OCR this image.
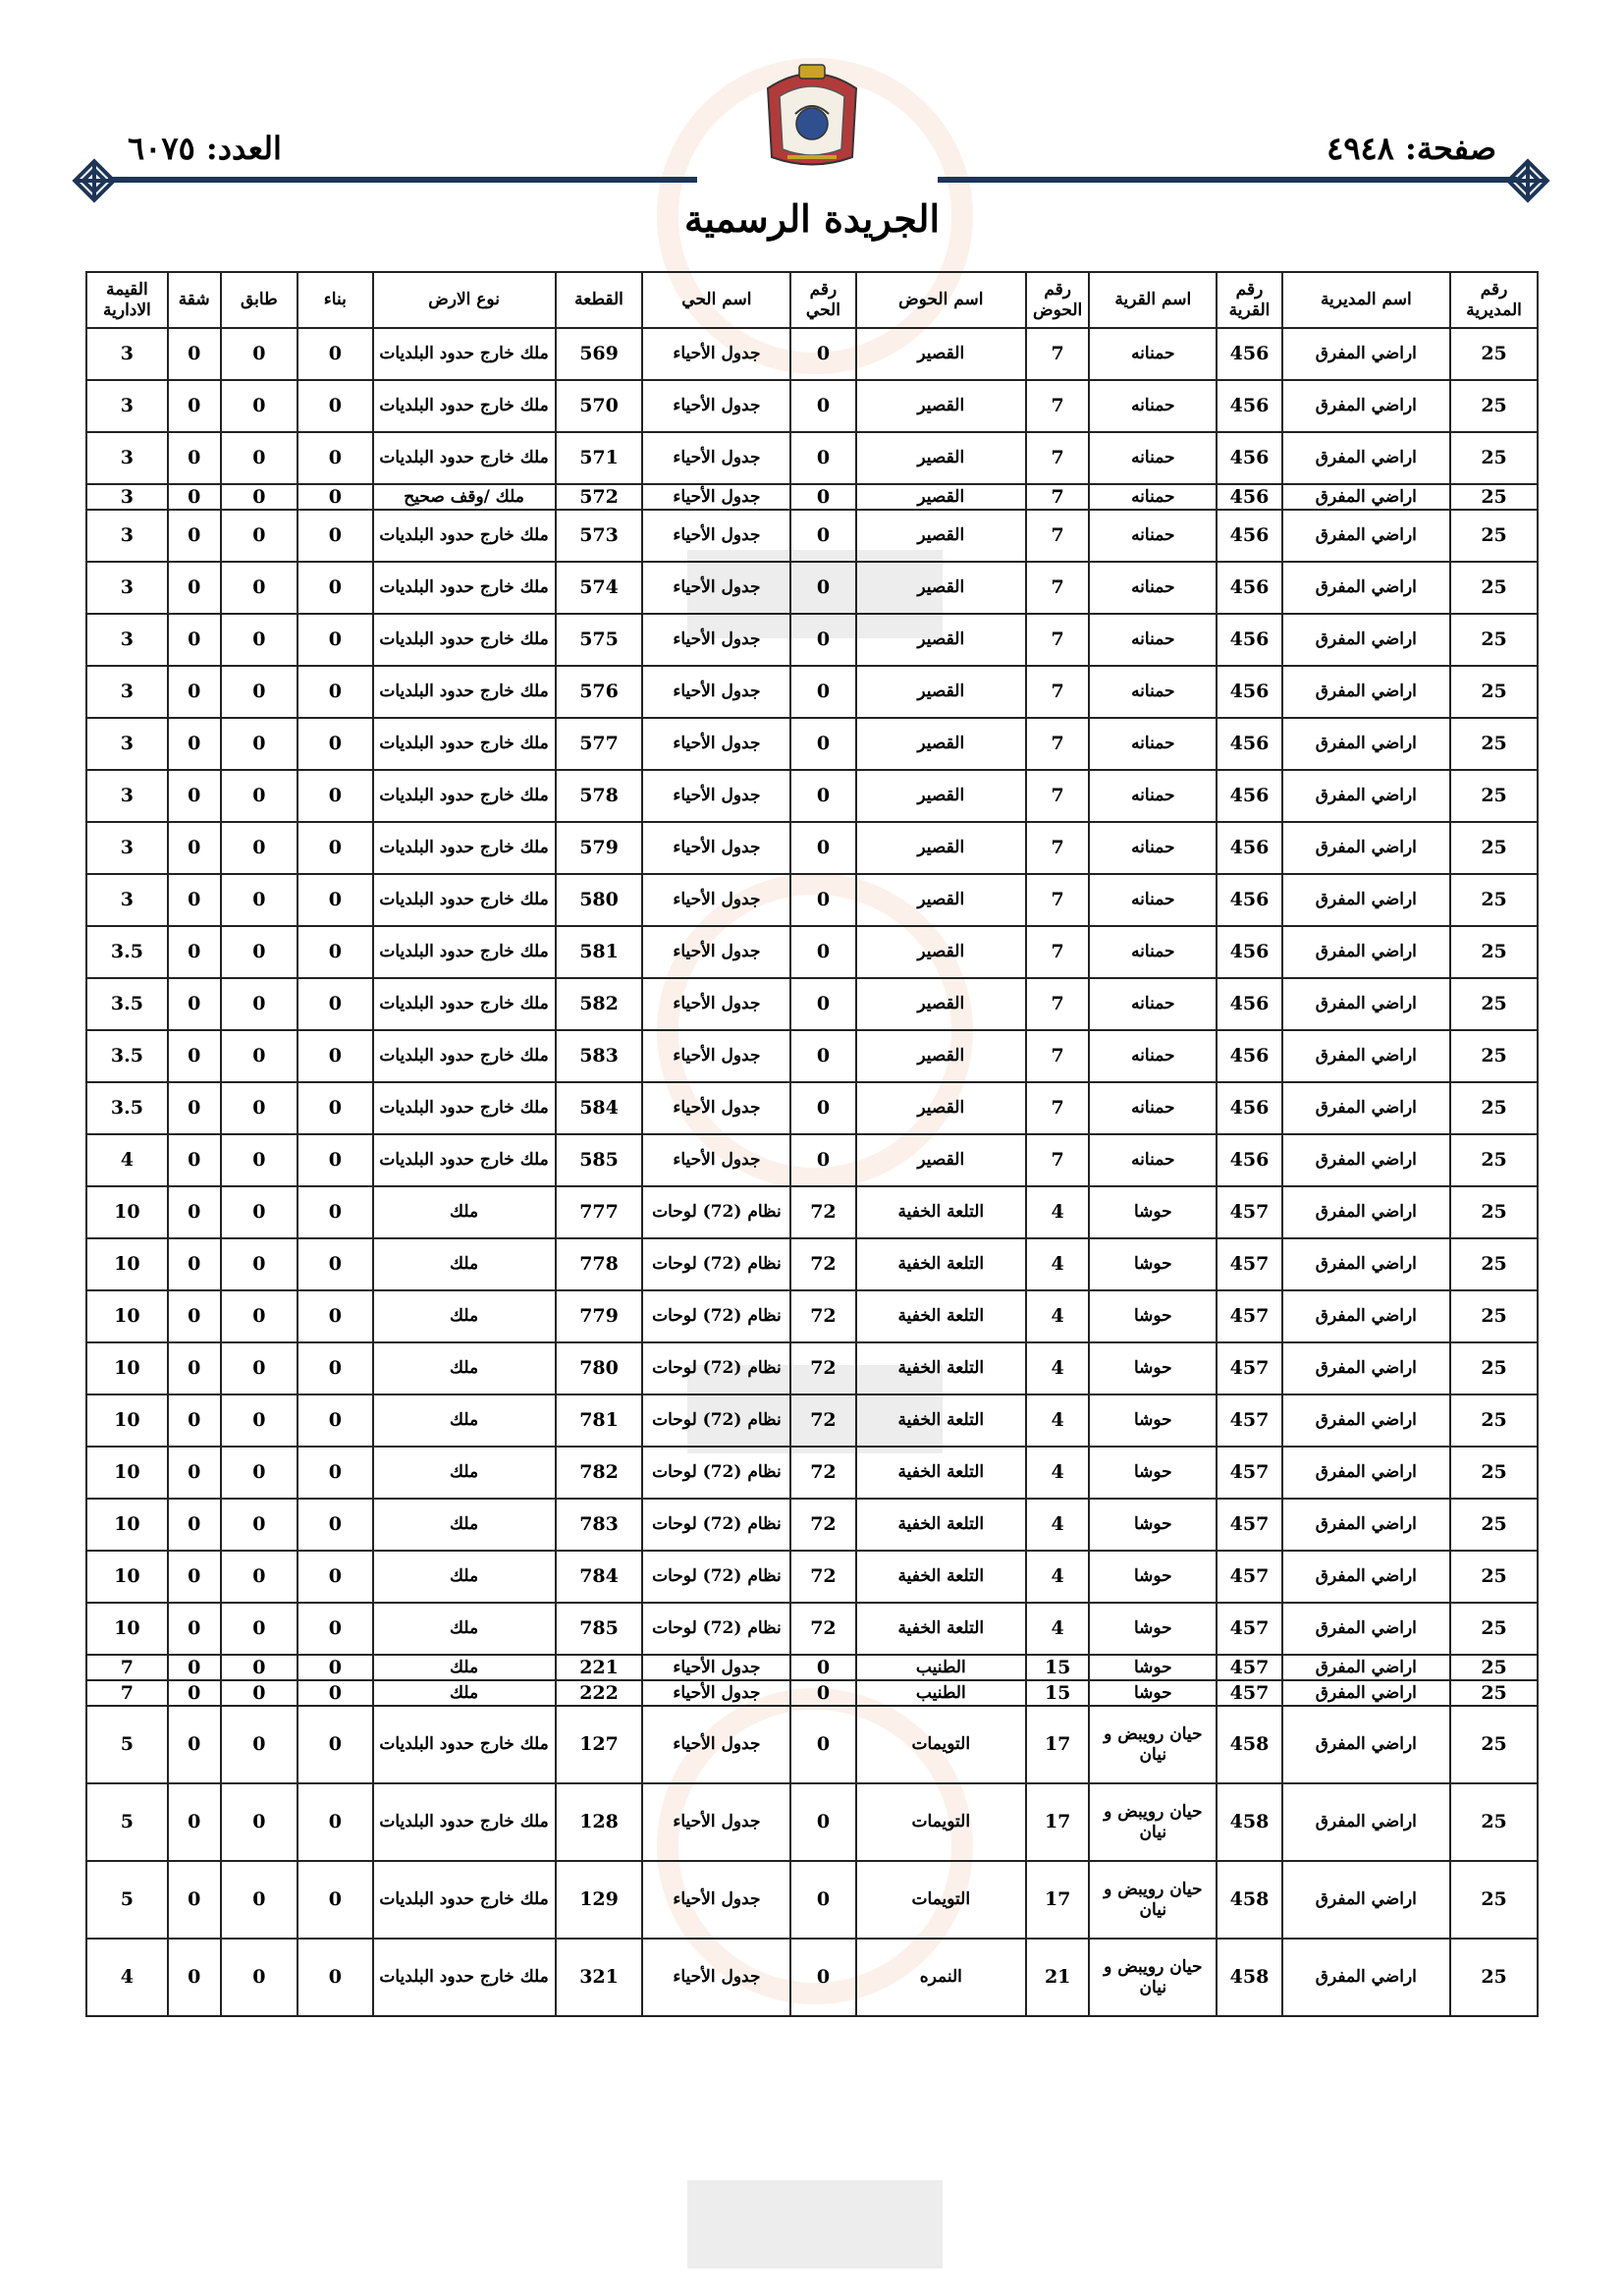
صفحة: ٤٩٤٨
العدد: ٦٠٧٥
الجريدة الرسمية
رقم المديرية	اسم المديرية	رقم القرية	اسم القرية	رقم الحوض	اسم الحوض	رقم الحي	اسم الحي	القطعة	نوع الارض	بناء	طابق	شقة	القيمة الادارية
25	اراضي المفرق	456	حمنانه	7	القصير	0	جدول الأحياء	569	ملك خارج حدود البلديات	0	0	0	3
25	اراضي المفرق	456	حمنانه	7	القصير	0	جدول الأحياء	570	ملك خارج حدود البلديات	0	0	0	3
25	اراضي المفرق	456	حمنانه	7	القصير	0	جدول الأحياء	571	ملك خارج حدود البلديات	0	0	0	3
25	اراضي المفرق	456	حمنانه	7	القصير	0	جدول الأحياء	572	ملك /وقف صحيح	0	0	0	3
25	اراضي المفرق	456	حمنانه	7	القصير	0	جدول الأحياء	573	ملك خارج حدود البلديات	0	0	0	3
25	اراضي المفرق	456	حمنانه	7	القصير	0	جدول الأحياء	574	ملك خارج حدود البلديات	0	0	0	3
25	اراضي المفرق	456	حمنانه	7	القصير	0	جدول الأحياء	575	ملك خارج حدود البلديات	0	0	0	3
25	اراضي المفرق	456	حمنانه	7	القصير	0	جدول الأحياء	576	ملك خارج حدود البلديات	0	0	0	3
25	اراضي المفرق	456	حمنانه	7	القصير	0	جدول الأحياء	577	ملك خارج حدود البلديات	0	0	0	3
25	اراضي المفرق	456	حمنانه	7	القصير	0	جدول الأحياء	578	ملك خارج حدود البلديات	0	0	0	3
25	اراضي المفرق	456	حمنانه	7	القصير	0	جدول الأحياء	579	ملك خارج حدود البلديات	0	0	0	3
25	اراضي المفرق	456	حمنانه	7	القصير	0	جدول الأحياء	580	ملك خارج حدود البلديات	0	0	0	3
25	اراضي المفرق	456	حمنانه	7	القصير	0	جدول الأحياء	581	ملك خارج حدود البلديات	0	0	0	3.5
25	اراضي المفرق	456	حمنانه	7	القصير	0	جدول الأحياء	582	ملك خارج حدود البلديات	0	0	0	3.5
25	اراضي المفرق	456	حمنانه	7	القصير	0	جدول الأحياء	583	ملك خارج حدود البلديات	0	0	0	3.5
25	اراضي المفرق	456	حمنانه	7	القصير	0	جدول الأحياء	584	ملك خارج حدود البلديات	0	0	0	3.5
25	اراضي المفرق	456	حمنانه	7	القصير	0	جدول الأحياء	585	ملك خارج حدود البلديات	0	0	0	4
25	اراضي المفرق	457	حوشا	4	التلعة الخفية	72	نظام (72) لوحات	777	ملك	0	0	0	10
25	اراضي المفرق	457	حوشا	4	التلعة الخفية	72	نظام (72) لوحات	778	ملك	0	0	0	10
25	اراضي المفرق	457	حوشا	4	التلعة الخفية	72	نظام (72) لوحات	779	ملك	0	0	0	10
25	اراضي المفرق	457	حوشا	4	التلعة الخفية	72	نظام (72) لوحات	780	ملك	0	0	0	10
25	اراضي المفرق	457	حوشا	4	التلعة الخفية	72	نظام (72) لوحات	781	ملك	0	0	0	10
25	اراضي المفرق	457	حوشا	4	التلعة الخفية	72	نظام (72) لوحات	782	ملك	0	0	0	10
25	اراضي المفرق	457	حوشا	4	التلعة الخفية	72	نظام (72) لوحات	783	ملك	0	0	0	10
25	اراضي المفرق	457	حوشا	4	التلعة الخفية	72	نظام (72) لوحات	784	ملك	0	0	0	10
25	اراضي المفرق	457	حوشا	4	التلعة الخفية	72	نظام (72) لوحات	785	ملك	0	0	0	10
25	اراضي المفرق	457	حوشا	15	الطنيب	0	جدول الأحياء	221	ملك	0	0	0	7
25	اراضي المفرق	457	حوشا	15	الطنيب	0	جدول الأحياء	222	ملك	0	0	0	7
25	اراضي المفرق	458	حيان رويبض و نيان	17	التويمات	0	جدول الأحياء	127	ملك خارج حدود البلديات	0	0	0	5
25	اراضي المفرق	458	حيان رويبض و نيان	17	التويمات	0	جدول الأحياء	128	ملك خارج حدود البلديات	0	0	0	5
25	اراضي المفرق	458	حيان رويبض و نيان	17	التويمات	0	جدول الأحياء	129	ملك خارج حدود البلديات	0	0	0	5
25	اراضي المفرق	458	حيان رويبض و نيان	21	النمره	0	جدول الأحياء	321	ملك خارج حدود البلديات	0	0	0	4
